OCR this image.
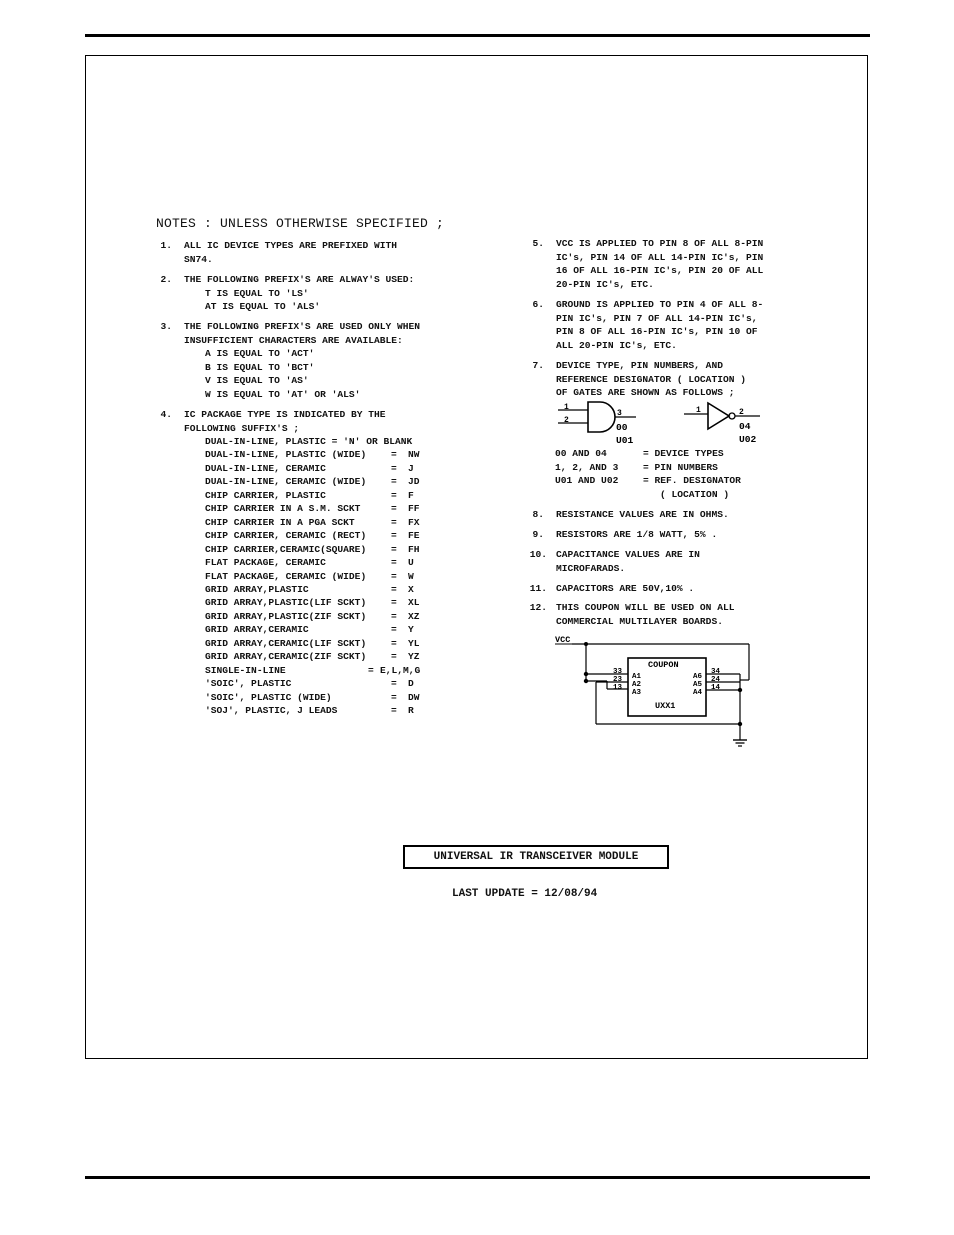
NOTES : UNLESS OTHERWISE SPECIFIED ;
1. ALL IC DEVICE TYPES ARE PREFIXED WITH
SN74.
2. THE FOLLOWING PREFIX'S ARE ALWAY'S USED:
T IS EQUAL TO 'LS'
AT IS EQUAL TO 'ALS'
3. THE FOLLOWING PREFIX'S ARE USED ONLY WHEN
INSUFFICIENT CHARACTERS ARE AVAILABLE:
A IS EQUAL TO 'ACT'
B IS EQUAL TO 'BCT'
V IS EQUAL TO 'AS'
W IS EQUAL TO 'AT' OR 'ALS'
4. IC PACKAGE TYPE IS INDICATED BY THE
FOLLOWING SUFFIX'S ;
DUAL-IN-LINE, PLASTIC = 'N' OR BLANK
DUAL-IN-LINE, PLASTIC (WIDE)	= NW
DUAL-IN-LINE, CERAMIC	= J
DUAL-IN-LINE, CERAMIC (WIDE)	= JD
CHIP CARRIER, PLASTIC	= F
CHIP CARRIER IN A S.M. SCKT	= FF
CHIP CARRIER IN A PGA SCKT	= FX
CHIP CARRIER, CERAMIC (RECT)	= FE
CHIP CARRIER,CERAMIC(SQUARE)	= FH
FLAT PACKAGE, CERAMIC	= U
FLAT PACKAGE, CERAMIC (WIDE)	= W
GRID ARRAY,PLASTIC	= X
GRID ARRAY,PLASTIC(LIF SCKT)	= XL
GRID ARRAY,PLASTIC(ZIF SCKT)	= XZ
GRID ARRAY,CERAMIC	= Y
GRID ARRAY,CERAMIC(LIF SCKT)	= YL
GRID ARRAY,CERAMIC(ZIF SCKT)	= YZ
SINGLE-IN-LINE	= E,L,M,G
'SOIC', PLASTIC	= D
'SOIC', PLASTIC (WIDE)	= DW
'SOJ', PLASTIC, J LEADS	= R
5. VCC IS APPLIED TO PIN 8 OF ALL 8-PIN
IC's, PIN 14 OF ALL 14-PIN IC's, PIN
16 OF ALL 16-PIN IC's, PIN 20 OF ALL
20-PIN IC's, ETC.
6. GROUND IS APPLIED TO PIN 4 OF ALL 8-
PIN IC's, PIN 7 OF ALL 14-PIN IC's,
PIN 8 OF ALL 16-PIN IC's, PIN 10 OF
ALL 20-PIN IC's, ETC.
7. DEVICE TYPE, PIN NUMBERS, AND
REFERENCE DESIGNATOR ( LOCATION )
OF GATES ARE SHOWN AS FOLLOWS ;
8. RESISTANCE VALUES ARE IN OHMS.
9. RESISTORS ARE 1/8 WATT, 5% .
10. CAPACITANCE VALUES ARE IN
MICROFARADS.
11. CAPACITORS ARE 50V,10% .
12. THIS COUPON WILL BE USED ON ALL
COMMERCIAL MULTILAYER BOARDS.
1
2
3
00
U01
1	2
04
U02
00 AND 04	= DEVICE TYPES
1, 2, AND 3	= PIN NUMBERS
U01 AND U02	= REF. DESIGNATOR
( LOCATION )
VCC
COUPON
UXX1
33
23
13
A1
A2
A3
A6
A5
A4
34
24
14
UNIVERSAL IR TRANSCEIVER MODULE
LAST UPDATE = 12/08/94
